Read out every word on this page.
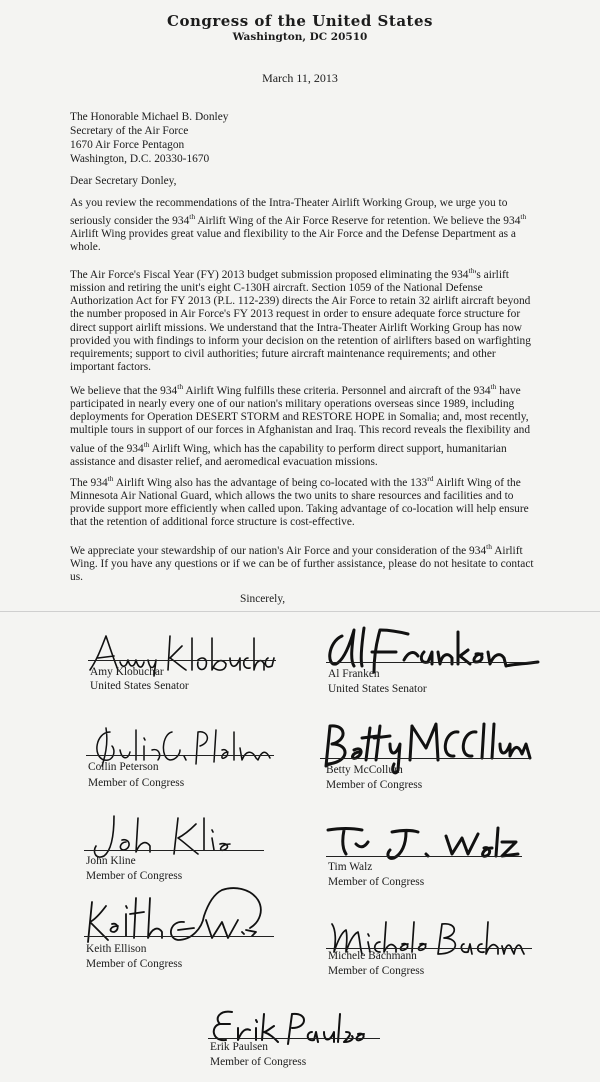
Congress of the United States
Washington, DC 20510
March 11, 2013
The Honorable Michael B. Donley
Secretary of the Air Force
1670 Air Force Pentagon
Washington, D.C. 20330-1670
Dear Secretary Donley,
As you review the recommendations of the Intra-Theater Airlift Working Group, we urge you to seriously consider the 934th Airlift Wing of the Air Force Reserve for retention. We believe the 934th Airlift Wing provides great value and flexibility to the Air Force and the Defense Department as a whole.
The Air Force's Fiscal Year (FY) 2013 budget submission proposed eliminating the 934th's airlift mission and retiring the unit's eight C-130H aircraft. Section 1059 of the National Defense Authorization Act for FY 2013 (P.L. 112-239) directs the Air Force to retain 32 airlift aircraft beyond the number proposed in Air Force's FY 2013 request in order to ensure adequate force structure for direct support airlift missions. We understand that the Intra-Theater Airlift Working Group has now provided you with findings to inform your decision on the retention of airlifters based on warfighting requirements; support to civil authorities; future aircraft maintenance requirements; and other important factors.
We believe that the 934th Airlift Wing fulfills these criteria. Personnel and aircraft of the 934th have participated in nearly every one of our nation's military operations overseas since 1989, including deployments for Operation DESERT STORM and RESTORE HOPE in Somalia; and, most recently, multiple tours in support of our forces in Afghanistan and Iraq. This record reveals the flexibility and value of the 934th Airlift Wing, which has the capability to perform direct support, humanitarian assistance and disaster relief, and aeromedical evacuation missions.
The 934th Airlift Wing also has the advantage of being co-located with the 133rd Airlift Wing of the Minnesota Air National Guard, which allows the two units to share resources and facilities and to provide support more efficiently when called upon. Taking advantage of co-location will help ensure that the retention of additional force structure is cost-effective.
We appreciate your stewardship of our nation's Air Force and your consideration of the 934th Airlift Wing. If you have any questions or if we can be of further assistance, please do not hesitate to contact us.
Sincerely,
Amy Klobuchar
United States Senator
Al Franken
United States Senator
Collin Peterson
Member of Congress
Betty McCollum
Member of Congress
John Kline
Member of Congress
Tim Walz
Member of Congress
Keith Ellison
Member of Congress
Michele Bachmann
Member of Congress
Erik Paulsen
Member of Congress
